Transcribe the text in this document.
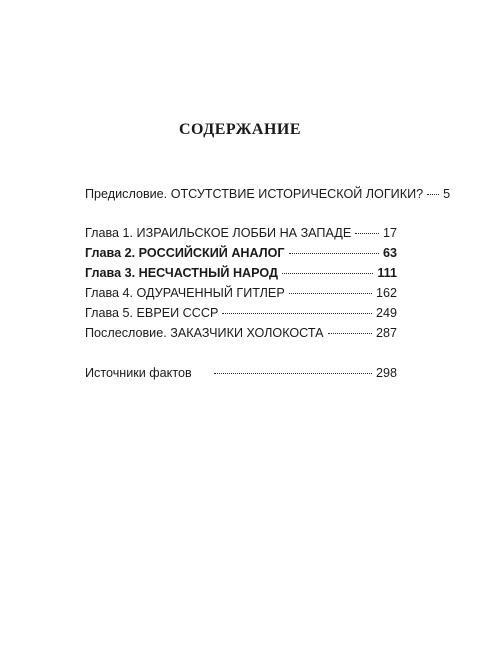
СОДЕРЖАНИЕ
Предисловие. ОТСУТСТВИЕ ИСТОРИЧЕСКОЙ ЛОГИКИ? 5
Глава 1. ИЗРАИЛЬСКОЕ ЛОББИ НА ЗАПАДЕ	17
Глава 2. РОССИЙСКИЙ АНАЛОГ	63
Глава 3. НЕСЧАСТНЫЙ НАРОД	111
Глава 4. ОДУРАЧЕННЫЙ ГИТЛЕР	162
Глава 5. ЕВРЕИ СССР	249
Послесловие. ЗАКАЗЧИКИ ХОЛОКОСТА	287
Источники фактов	298
